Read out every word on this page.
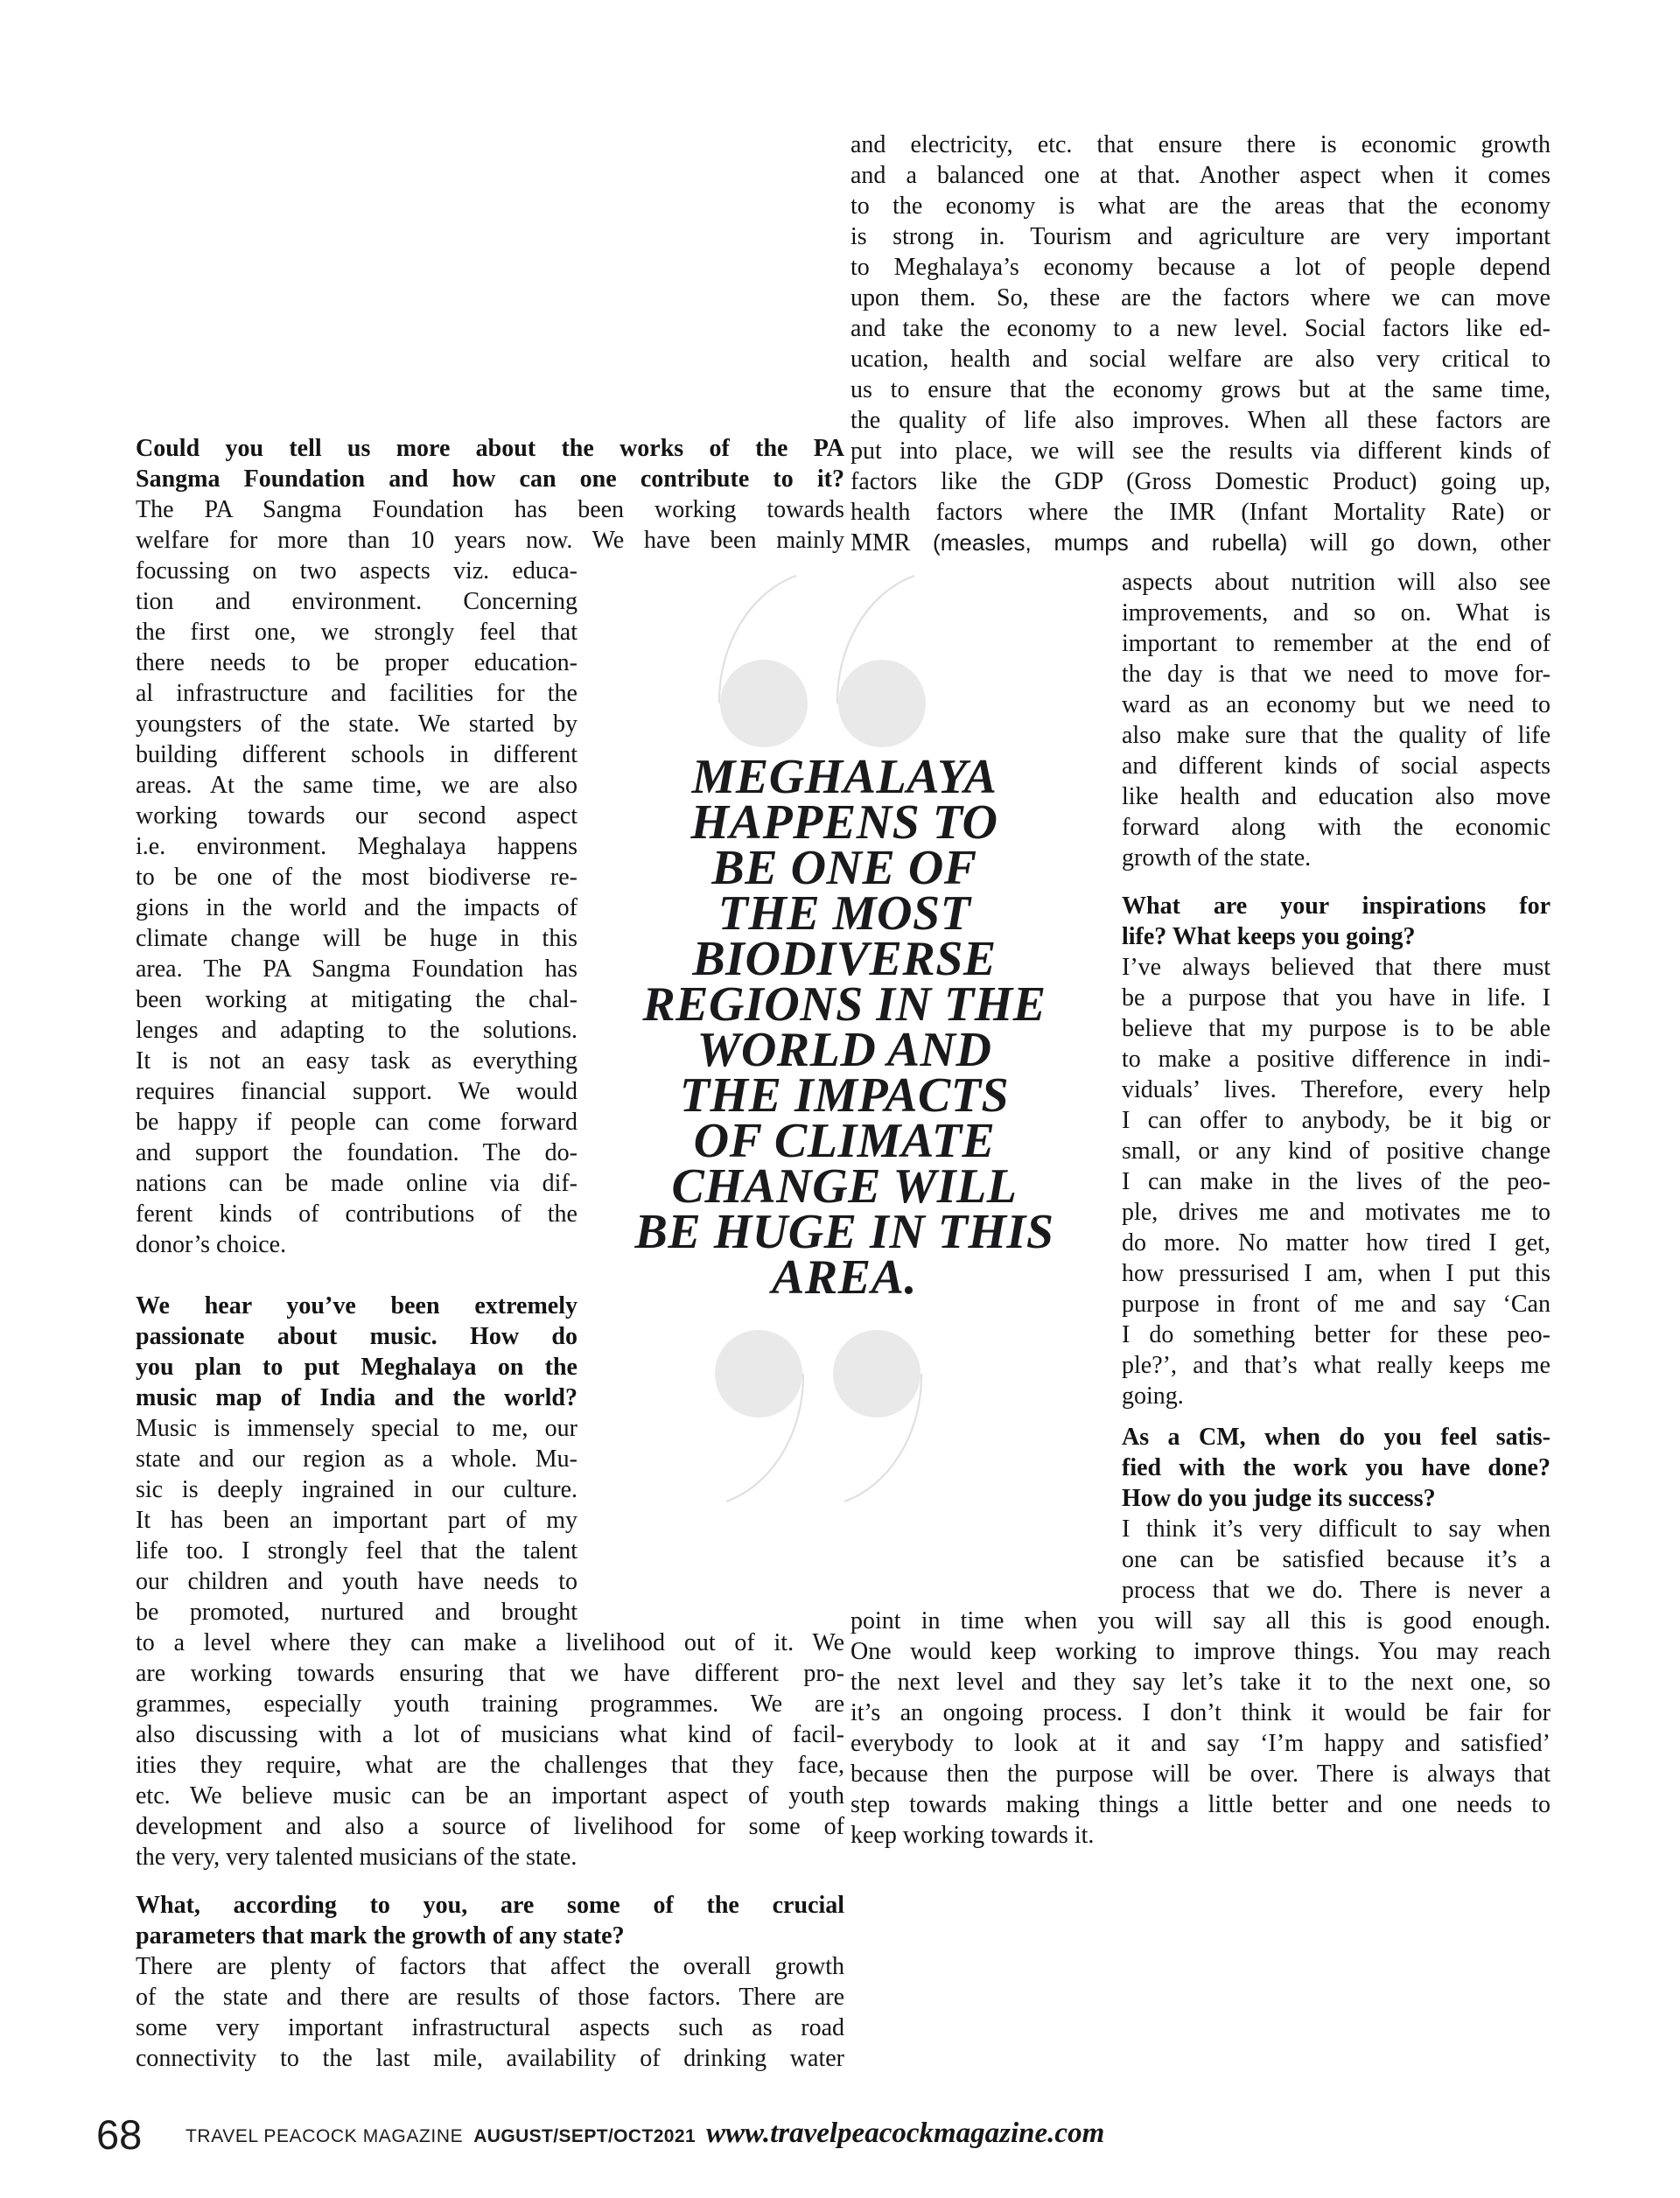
MEGHALAYA
HAPPENS TO
BE ONE OF
THE MOST
BIODIVERSE
REGIONS IN THE
WORLD AND
THE IMPACTS
OF CLIMATE
CHANGE WILL
BE HUGE IN THIS
AREA.
Could you tell us more about the works of the PA
Sangma Foundation and how can one contribute to it?
The PA Sangma Foundation has been working towards
welfare for more than 10 years now. We have been mainly
focussing on two aspects viz. educa-
tion and environment. Concerning
the first one, we strongly feel that
there needs to be proper education-
al infrastructure and facilities for the
youngsters of the state. We started by
building different schools in different
areas. At the same time, we are also
working towards our second aspect
i.e. environment. Meghalaya happens
to be one of the most biodiverse re-
gions in the world and the impacts of
climate change will be huge in this
area. The PA Sangma Foundation has
been working at mitigating the chal-
lenges and adapting to the solutions.
It is not an easy task as everything
requires financial support. We would
be happy if people can come forward
and support the foundation. The do-
nations can be made online via dif-
ferent kinds of contributions of the
donor’s choice.
We hear you’ve been extremely
passionate about music. How do
you plan to put Meghalaya on the
music map of India and the world?
Music is immensely special to me, our
state and our region as a whole. Mu-
sic is deeply ingrained in our culture.
It has been an important part of my
life too. I strongly feel that the talent
our children and youth have needs to
be promoted, nurtured and brought
to a level where they can make a livelihood out of it. We
are working towards ensuring that we have different pro-
grammes, especially youth training programmes. We are
also discussing with a lot of musicians what kind of facil-
ities they require, what are the challenges that they face,
etc. We believe music can be an important aspect of youth
development and also a source of livelihood for some of
the very, very talented musicians of the state.
What, according to you, are some of the crucial
parameters that mark the growth of any state?
There are plenty of factors that affect the overall growth
of the state and there are results of those factors. There are
some very important infrastructural aspects such as road
connectivity to the last mile, availability of drinking water
and electricity, etc. that ensure there is economic growth
and a balanced one at that. Another aspect when it comes
to the economy is what are the areas that the economy
is strong in. Tourism and agriculture are very important
to Meghalaya’s economy because a lot of people depend
upon them. So, these are the factors where we can move
and take the economy to a new level. Social factors like ed-
ucation, health and social welfare are also very critical to
us to ensure that the economy grows but at the same time,
the quality of life also improves. When all these factors are
put into place, we will see the results via different kinds of
factors like the GDP (Gross Domestic Product) going up,
health factors where the IMR (Infant Mortality Rate) or
MMR (measles, mumps and rubella) will go down, other
aspects about nutrition will also see
improvements, and so on. What is
important to remember at the end of
the day is that we need to move for-
ward as an economy but we need to
also make sure that the quality of life
and different kinds of social aspects
like health and education also move
forward along with the economic
growth of the state.
What are your inspirations for
life? What keeps you going?
I’ve always believed that there must
be a purpose that you have in life. I
believe that my purpose is to be able
to make a positive difference in indi-
viduals’ lives. Therefore, every help
I can offer to anybody, be it big or
small, or any kind of positive change
I can make in the lives of the peo-
ple, drives me and motivates me to
do more. No matter how tired I get,
how pressurised I am, when I put this
purpose in front of me and say ‘Can
I do something better for these peo-
ple?’, and that’s what really keeps me
going.
As a CM, when do you feel satis-
fied with the work you have done?
How do you judge its success?
I think it’s very difficult to say when
one can be satisfied because it’s a
process that we do. There is never a
point in time when you will say all this is good enough.
One would keep working to improve things. You may reach
the next level and they say let’s take it to the next one, so
it’s an ongoing process. I don’t think it would be fair for
everybody to look at it and say ‘I’m happy and satisfied’
because then the purpose will be over. There is always that
step towards making things a little better and one needs to
keep working towards it.
68 TRAVEL PEACOCK MAGAZINE AUGUST/SEPT/OCT2021 www.travelpeacockmagazine.com
